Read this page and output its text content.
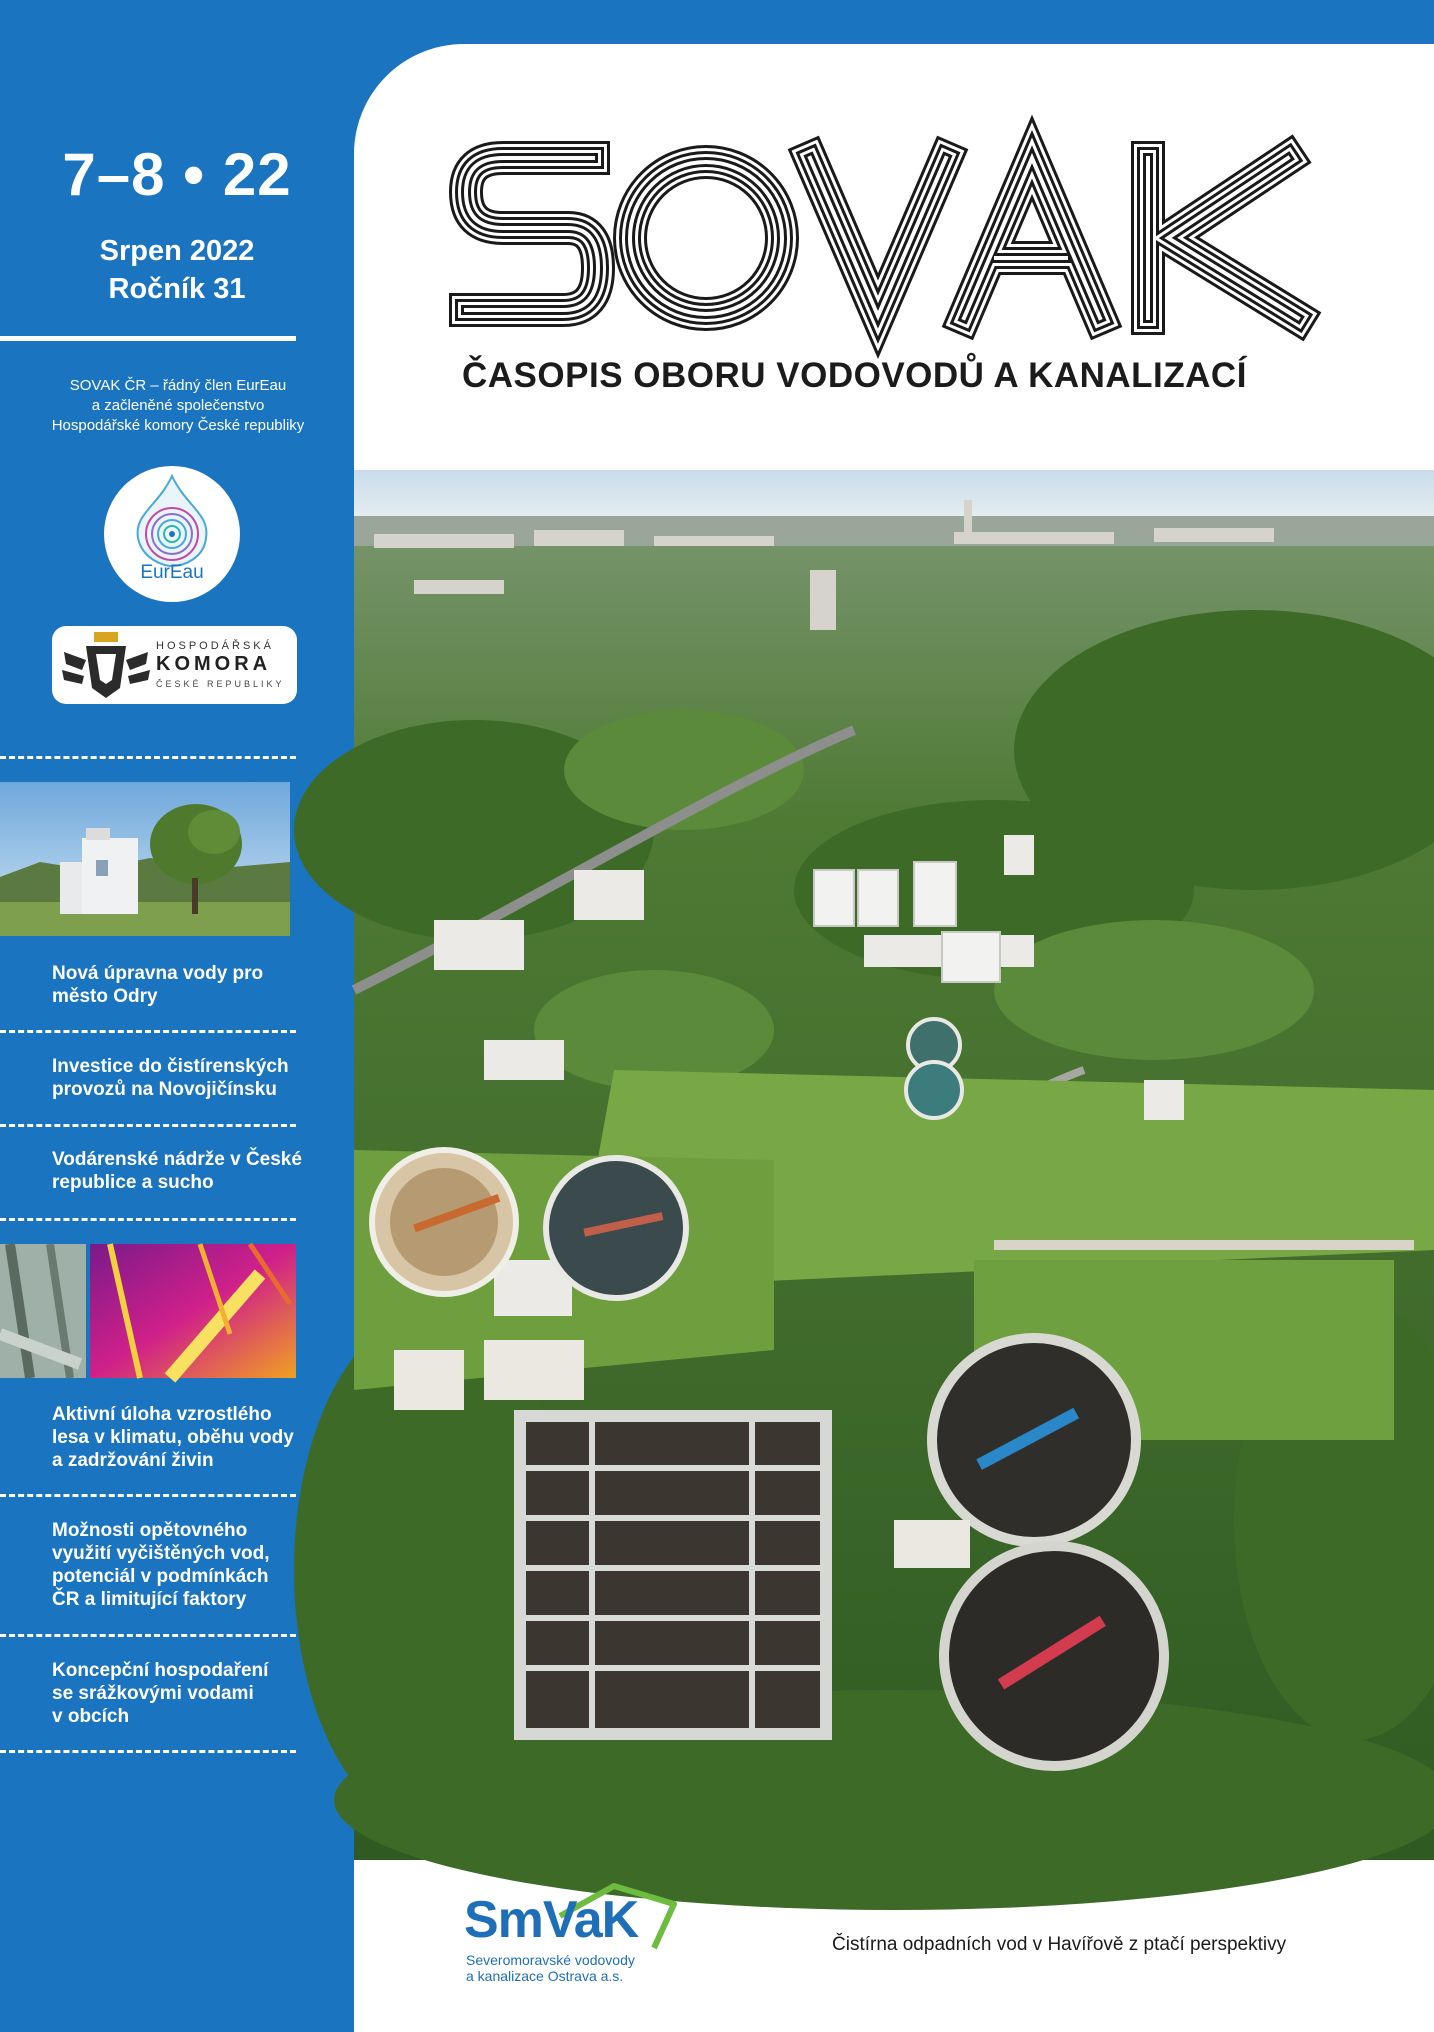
7–8 • 22
Srpen 2022
Ročník 31
SOVAK ČR – řádný člen EurEau
a začleněné společenstvo
Hospodářské komory České republiky
EurEau
HOSPODÁŘSKÁ
KOMORA
ČESKÉ REPUBLIKY
Nová úpravna vody pro
město Odry
Investice do čistírenských
provozů na Novojičínsku
Vodárenské nádrže v České
republice a sucho
Aktivní úloha vzrostlého
lesa v klimatu, oběhu vody
a zadržování živin
Možnosti opětovného
využití vyčištěných vod,
potenciál v podmínkách
ČR a limitující faktory
Koncepční hospodaření
se srážkovými vodami
v obcích
ČASOPIS OBORU VODOVODŮ A KANALIZACÍ
SmVaK
Severomoravské vodovody
a kanalizace Ostrava a.s.
Čistírna odpadních vod v Havířově z ptačí perspektivy
